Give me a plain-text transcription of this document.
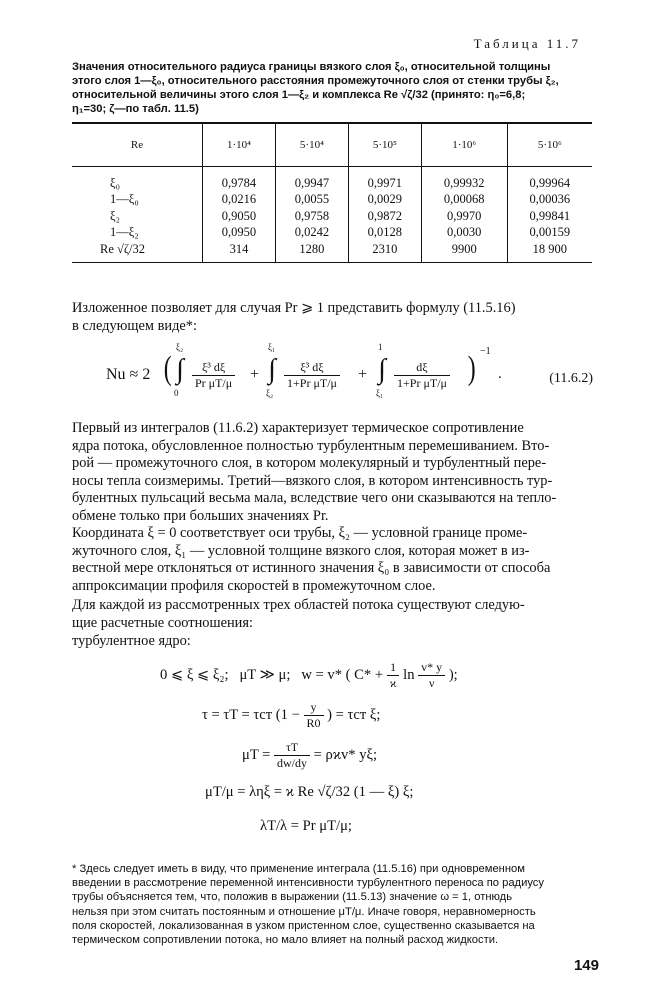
Таблица 11.7
Значения относительного радиуса границы вязкого слоя ξ₀, относительной толщины
этого слоя 1—ξ₀, относительного расстояния промежуточного слоя от стенки трубы ξ₂,
относительной величины этого слоя 1—ξ₂ и комплекса Re √ζ/32 (принято: η₀=6,8;
η₁=30; ζ—по табл. 11.5)
Re	1·10⁴	5·10⁴	5·10⁵	1·10⁶	5·10⁶
ξ₀	0,9784	0,9947	0,9971	0,99932	0,99964
1—ξ₀	0,0216	0,0055	0,0029	0,00068	0,00036
ξ₂	0,9050	0,9758	0,9872	0,9970	0,99841
1—ξ₂	0,0950	0,0242	0,0128	0,0030	0,00159
Re √ζ/32	314	1280	2310	9900	18 900
Изложенное позволяет для случая Pr ⩾ 1 представить формулу (11.5.16)
в следующем виде*:
Nu ≈ 2 ( ∫
ξ₂
0
$\frac{\text{ξ³ dξ}}{\text{Pr μT/μ}}$ + ∫
ξ₁
ξ₂
$\frac{\text{ξ³ dξ}}{\text{1+Pr μT/μ}}$ + ∫
1
ξ₁
$\frac{d\xi}{\text{1+Pr μT/μ}}$ ) −1
.	(11.6.2)
Первый из интегралов (11.6.2) характеризует термическое сопротивление
ядра потока, обусловленное полностью турбулентным перемешиванием. Вто-
рой — промежуточного слоя, в котором молекулярный и турбулентный пере-
носы тепла соизмеримы. Третий—вязкого слоя, в котором интенсивность тур-
булентных пульсаций весьма мала, вследствие чего они сказываются на тепло-
обмене только при больших значениях Pr.
Координата ξ = 0 соответствует оси трубы, ξ₂ — условной границе проме-
жуточного слоя, ξ₁ — условной толщине вязкого слоя, которая может в из-
вестной мере отклоняться от истинного значения ξ₀ в зависимости от способа
аппроксимации профиля скоростей в промежуточном слое.
Для каждой из рассмотренных трех областей потока существуют следую-
щие расчетные соотношения:
турбулентное ядро:
0 ⩽ ξ ⩽ ξ₂; μT ≫ μ; w = v* ( $C* + \frac{1}{ϰ}$ $\ln \frac{v* y}{\nu}$ );
τ = τT = τст ($1 - \frac{y}{R0}$ ) = τст ξ;
$\mu T = \frac{\tau T}{dw/dy} = \rho ϰv*$ yξ;
μT/μ = ληξ = ϰ Re √ζ/32 (1 — ξ) ξ;
λT/λ = Pr μT/μ;
* Здесь следует иметь в виду, что применение интеграла (11.5.16) при одновременном
введении в рассмотрение переменной интенсивности турбулентного переноса по радиусу
трубы объясняется тем, что, положив в выражении (11.5.13) значение ω = 1, отнюдь
нельзя при этом считать постоянным и отношение μT/μ. Иначе говоря, неравномерность
поля скоростей, локализованная в узком пристенном слое, существенно сказывается на
термическом сопротивлении потока, но мало влияет на полный расход жидкости.
149
